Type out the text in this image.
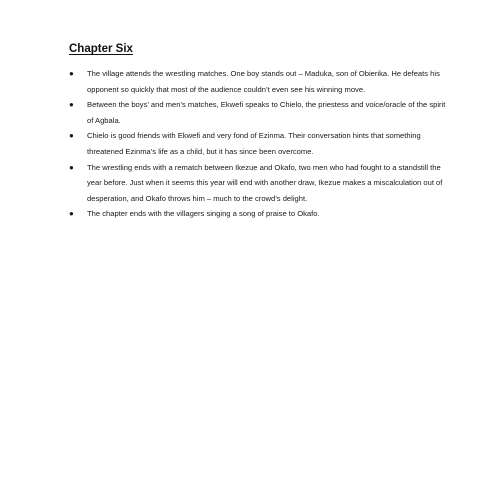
Chapter Six
● The village attends the wrestling matches. One boy stands out – Maduka, son of Obierika. He defeats his opponent so quickly that most of the audience couldn’t even see his winning move.
● Between the boys’ and men’s matches, Ekwefi speaks to Chielo, the priestess and voice/oracle of the spirit of Agbala.
● Chielo is good friends with Ekwefi and very fond of Ezinma. Their conversation hints that something threatened Ezinma’s life as a child, but it has since been overcome.
● The wrestling ends with a rematch between Ikezue and Okafo, two men who had fought to a standstill the year before. Just when it seems this year will end with another draw, Ikezue makes a miscalculation out of desperation, and Okafo throws him – much to the crowd’s delight.
● The chapter ends with the villagers singing a song of praise to Okafo.
